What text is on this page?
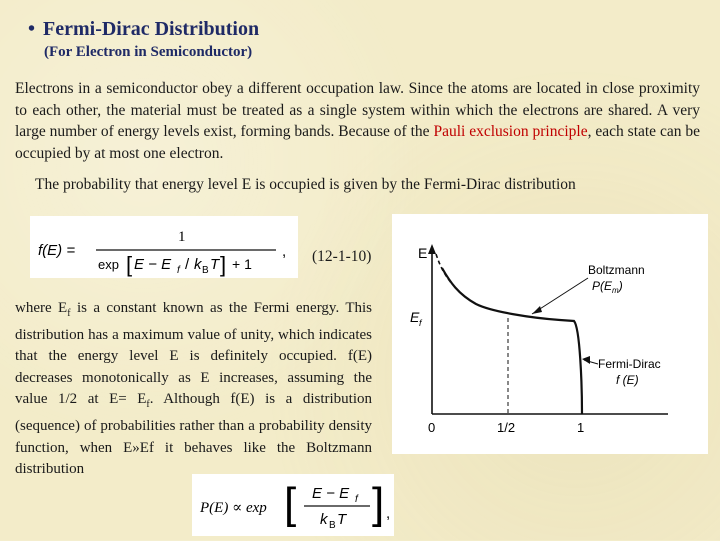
• Fermi-Dirac Distribution
(For Electron in Semiconductor)
Electrons in a semiconductor obey a different occupation law. Since the atoms are located in close proximity to each other, the material must be treated as a single system within which the electrons are shared. A very large number of energy levels exist, forming bands. Because of the Pauli exclusion principle, each state can be occupied by at most one electron.
The probability that energy level E is occupied is given by the Fermi-Dirac distribution
f(E) =
1
exp [ E − E f / k B T ] + 1
, (12-1-10)
where $E_f$ is a constant known as the Fermi energy. This distribution has a maximum value of unity, which indicates that the energy level E is definitely occupied. f(E) decreases monotonically as E increases, assuming the value 1/2 at $E= E_f$. Although f(E) is a distribution (sequence) of probabilities rather than a probability density function, when E»Ef it behaves like the Boltzmann distribution
E
E f
0	1/2	1
Boltzmann
$P(E_m)$
Fermi-Dirac
f (E)
P(E) ∝ exp [ E − E f
k B T ] ,
